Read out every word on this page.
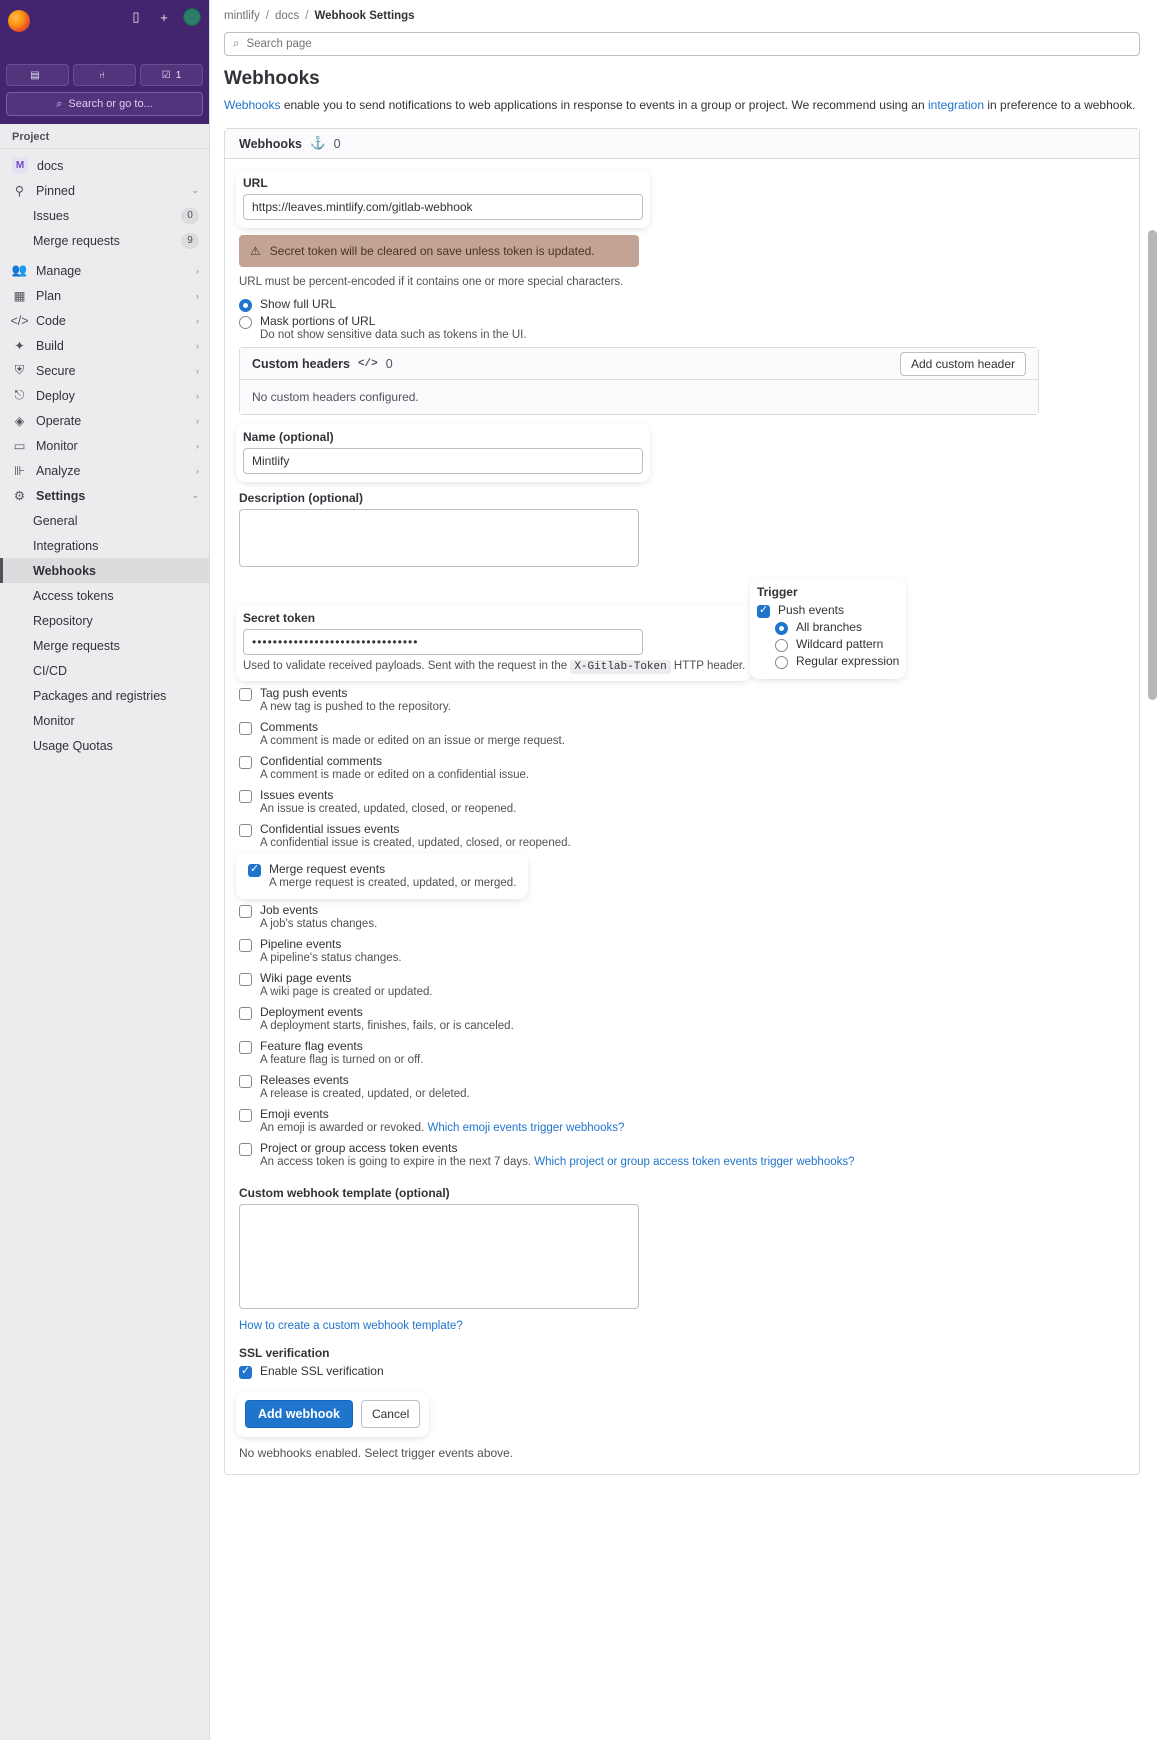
▯	+
▤	⑁	☑ 1
⌕ Search or go to...
Project
M	docs
⚲ Pinned	⌄
Issues	0
Merge requests	9
👥 Manage	›
▦ Plan	›
</> Code	›
✦ Build	›
⛨ Secure	›
⎋ Deploy	›
◈ Operate	›
▭ Monitor	›
⊪ Analyze	›
⚙ Settings	⌄
General
Integrations
Webhooks
Access tokens
Repository
Merge requests
CI/CD
Packages and registries
Monitor
Usage Quotas
mintlify / docs / Webhook Settings
⌕ Search page
Webhooks
Webhooks enable you to send notifications to web applications in response to events in a group or project. We recommend using an integration in preference to a webhook.
Webhooks ⚓ 0
URL
https://leaves.mintlify.com/gitlab-webhook
⚠ Secret token will be cleared on save unless token is updated.
URL must be percent-encoded if it contains one or more special characters.
Show full URL
Mask portions of URL
Do not show sensitive data such as tokens in the UI.
Custom headers </> 0	Add custom header
No custom headers configured.
Name (optional)
Mintlify
Description (optional)
Secret token
••••••••••••••••••••••••••••••••
Used to validate received payloads. Sent with the request in the X-Gitlab-Token HTTP header.

Trigger
✓
Push events
All branches
Wildcard pattern
Regular expression
Tag push events
A new tag is pushed to the repository.
Comments
A comment is made or edited on an issue or merge request.
Confidential comments
A comment is made or edited on a confidential issue.
Issues events
An issue is created, updated, closed, or reopened.
Confidential issues events
A confidential issue is created, updated, closed, or reopened.
✓
Merge request events
A merge request is created, updated, or merged.
Job events
A job's status changes.
Pipeline events
A pipeline's status changes.
Wiki page events
A wiki page is created or updated.
Deployment events
A deployment starts, finishes, fails, or is canceled.
Feature flag events
A feature flag is turned on or off.
Releases events
A release is created, updated, or deleted.
Emoji events
An emoji is awarded or revoked. Which emoji events trigger webhooks?
Project or group access token events
An access token is going to expire in the next 7 days. Which project or group access token events trigger webhooks?
Custom webhook template (optional)
How to create a custom webhook template?
SSL verification
✓
Enable SSL verification
Add webhook	Cancel
No webhooks enabled. Select trigger events above.
